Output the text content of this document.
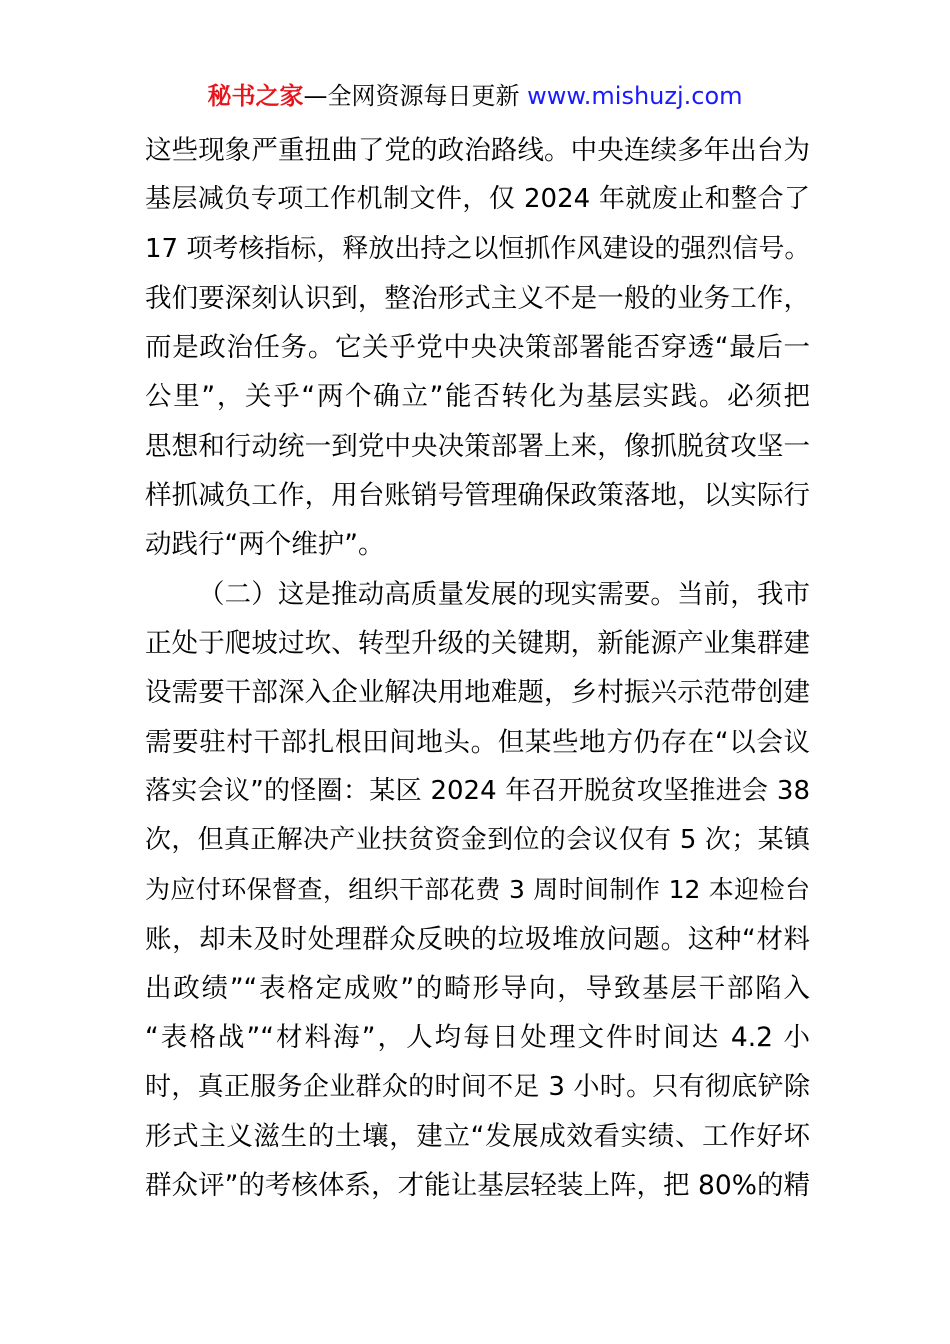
秘书之家—全网资源每日更新 www.mishuzj.com
这些现象严重扭曲了党的政治路线。中央连续多年出台为
基层减负专项工作机制文件，仅 2024 年就废止和整合了
17 项考核指标，释放出持之以恒抓作风建设的强烈信号。
我们要深刻认识到，整治形式主义不是一般的业务工作，
而是政治任务。它关乎党中央决策部署能否穿透“最后一
公里”，关乎“两个确立”能否转化为基层实践。必须把
思想和行动统一到党中央决策部署上来，像抓脱贫攻坚一
样抓减负工作，用台账销号管理确保政策落地，以实际行
动践行“两个维护”。
（二）这是推动高质量发展的现实需要。当前，我市
正处于爬坡过坎、转型升级的关键期，新能源产业集群建
设需要干部深入企业解决用地难题，乡村振兴示范带创建
需要驻村干部扎根田间地头。但某些地方仍存在“以会议
落实会议”的怪圈：某区 2024 年召开脱贫攻坚推进会 38
次，但真正解决产业扶贫资金到位的会议仅有 5 次；某镇
为应付环保督查，组织干部花费 3 周时间制作 12 本迎检台
账，却未及时处理群众反映的垃圾堆放问题。这种“材料
出政绩”“表格定成败”的畸形导向，导致基层干部陷入
“表格战”“材料海”，人均每日处理文件时间达 4.2 小
时，真正服务企业群众的时间不足 3 小时。只有彻底铲除
形式主义滋生的土壤，建立“发展成效看实绩、工作好坏
群众评”的考核体系，才能让基层轻装上阵，把 80%的精
